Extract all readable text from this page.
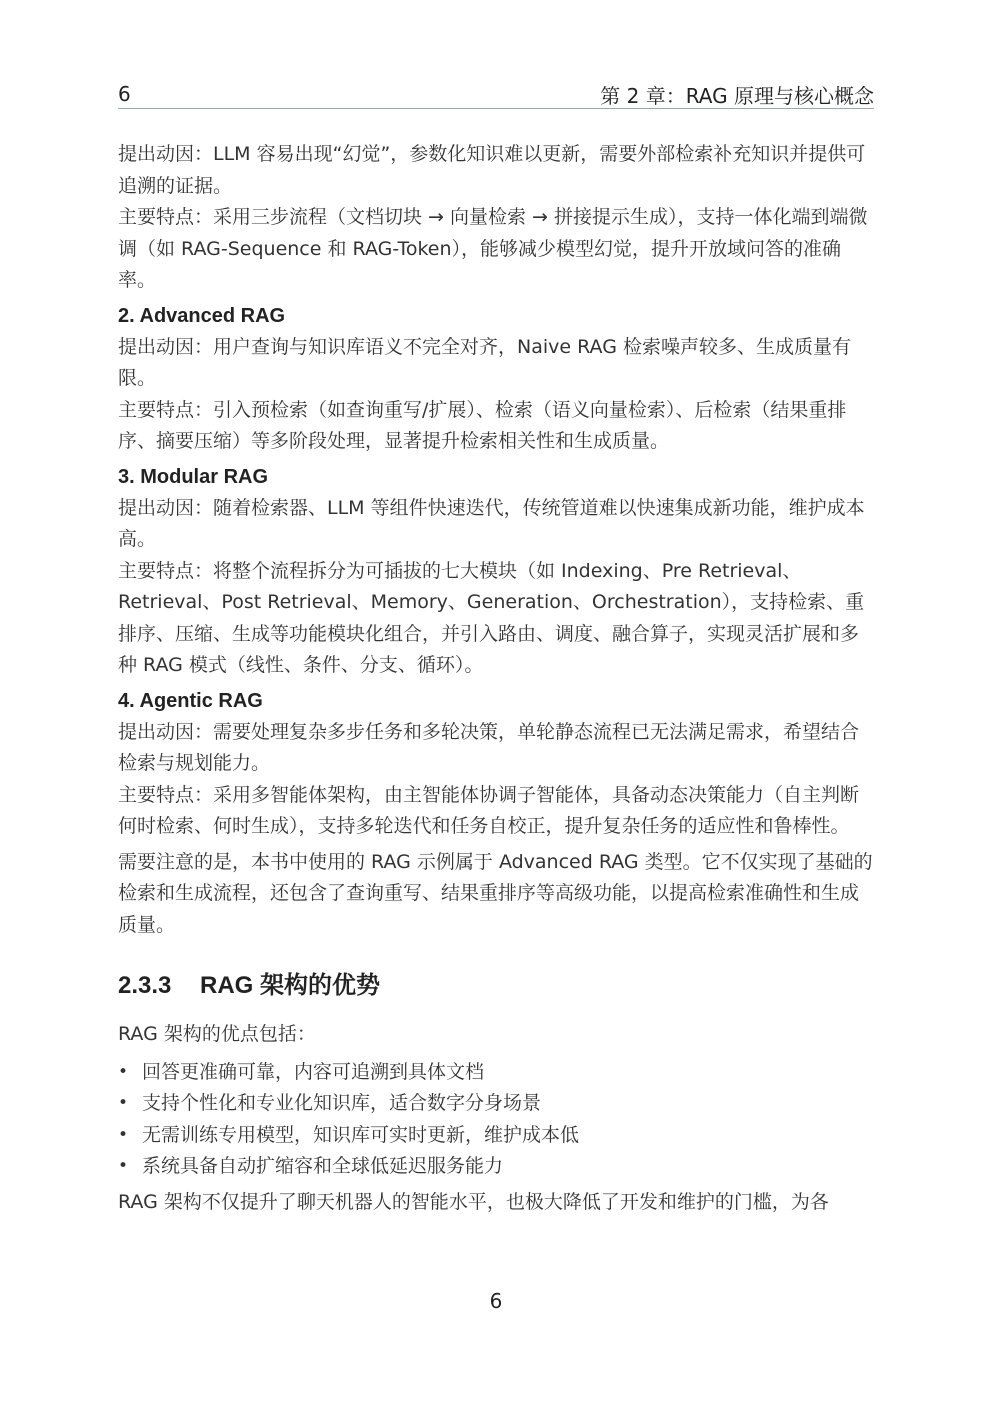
6	第 2 章：RAG 原理与核心概念

提出动因：LLM 容易出现“幻觉”，参数化知识难以更新，需要外部检索补充知识并提供可追溯的证据。

主要特点：采用三步流程（文档切块 → 向量检索 → 拼接提示生成），支持一体化端到端微调（如 RAG-Sequence 和 RAG-Token），能够减少模型幻觉，提升开放域问答的准确率。

2. Advanced RAG

提出动因：用户查询与知识库语义不完全对齐，Naive RAG 检索噪声较多、生成质量有限。

主要特点：引入预检索（如查询重写/扩展）、检索（语义向量检索）、后检索（结果重排序、摘要压缩）等多阶段处理，显著提升检索相关性和生成质量。

3. Modular RAG

提出动因：随着检索器、LLM 等组件快速迭代，传统管道难以快速集成新功能，维护成本高。

主要特点：将整个流程拆分为可插拔的七大模块（如 Indexing、Pre Retrieval、Retrieval、Post Retrieval、Memory、Generation、Orchestration），支持检索、重排序、压缩、生成等功能模块化组合，并引入路由、调度、融合算子，实现灵活扩展和多种 RAG 模式（线性、条件、分支、循环）。

4. Agentic RAG

提出动因：需要处理复杂多步任务和多轮决策，单轮静态流程已无法满足需求，希望结合检索与规划能力。

主要特点：采用多智能体架构，由主智能体协调子智能体，具备动态决策能力（自主判断何时检索、何时生成），支持多轮迭代和任务自校正，提升复杂任务的适应性和鲁棒性。

需要注意的是，本书中使用的 RAG 示例属于 Advanced RAG 类型。它不仅实现了基础的检索和生成流程，还包含了查询重写、结果重排序等高级功能，以提高检索准确性和生成质量。

2.3.3 RAG 架构的优势

RAG 架构的优点包括：

• 回答更准确可靠，内容可追溯到具体文档
• 支持个性化和专业化知识库，适合数字分身场景
• 无需训练专用模型，知识库可实时更新，维护成本低
• 系统具备自动扩缩容和全球低延迟服务能力

RAG 架构不仅提升了聊天机器人的智能水平，也极大降低了开发和维护的门槛，为各

6
